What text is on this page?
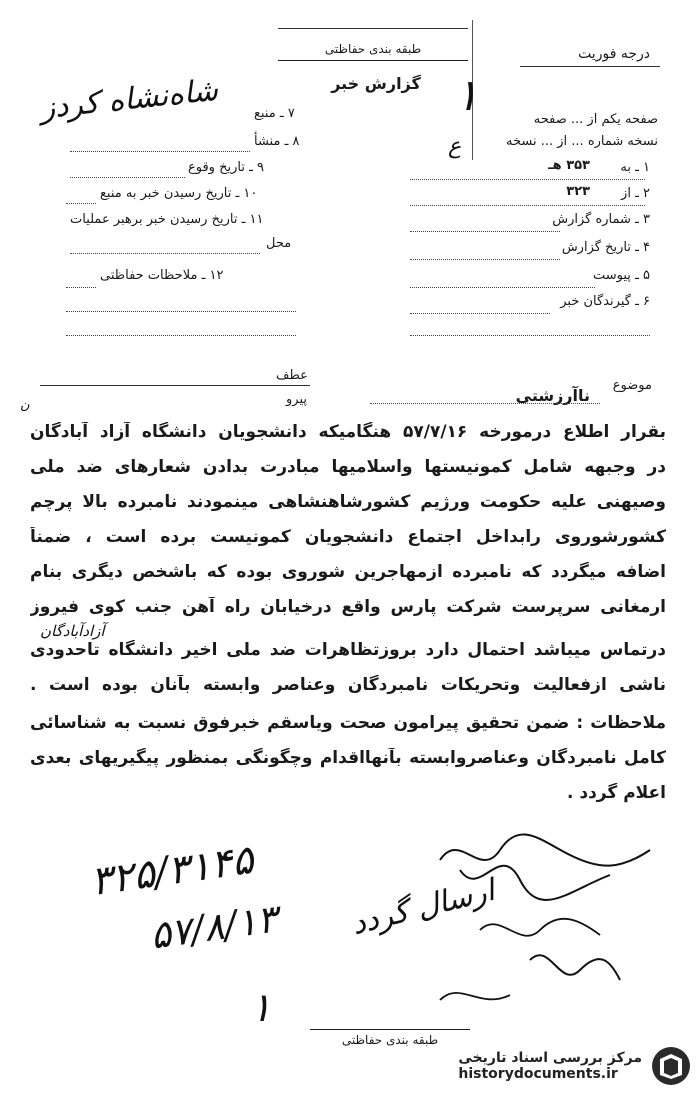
درجه فوریت
طبقه بندی حفاظتی
گزارش خبر ۱
شاه‌نشاه کردز	صفحه یکم از ... صفحه
نسخه شماره ... از ... نسخه
ع
۱ ـ به
۳۵۳ هـ
۲ ـ از
۳۲۳
۳ ـ شماره گزارش
۴ ـ تاریخ گزارش
۵ ـ پیوست
۶ ـ گیرندگان خبر
۷ ـ منبع
۸ ـ منشأ
۹ ـ تاریخ وقوع
۱۰ ـ تاریخ رسیدن خبر به منبع
۱۱ ـ تاریخ رسیدن خبر برهبر عملیات
محل
۱۲ ـ ملاحظات حفاظتی
عطف
پیرو
موضوع
ناآرزشتی
بقرار اطلاع درمورخه ۵۷/۷/۱۶ هنگامیکه دانشجویان دانشگاه آزاد آبادگان
ن
در وجبهه شامل کمونیستها واسلامیها مبادرت بدادن شعارهای ضد ملی
وصیهنی علیه حکومت ورژیم کشورشاهنشاهی مینمودند نامبرده بالا پرچم
کشورشوروی رابداخل اجتماع دانشجویان کمونیست برده است ، ضمناً
اضافه میگردد که نامبرده ازمهاجرین شوروی بوده که باشخص دیگری بنام
ارمغانی سرپرست شرکت پارس واقع درخیابان راه آهن جنب کوی فیروز
آزادآبادگان
درتماس میباشد احتمال دارد بروزتظاهرات ضد ملی اخیر دانشگاه تاحدودی
ناشی ازفعالیت وتحریکات نامبردگان وعناصر وابسته بآنان بوده است .
ملاحظات : ضمن تحقیق پیرامون صحت ویاسقم خبرفوق نسبت به شناسائی
کامل نامبردگان وعناصروابسته بآنهااقدام وچگونگی بمنظور پیگیریهای بعدی
اعلام گردد .
۳۲۵/۳۱۴۵
۵۷/۸/۱۳ ارسال گردد
۱
طبقه بندی حفاظتی
مرکز بررسی اسناد تاریخی
historydocuments.ir
